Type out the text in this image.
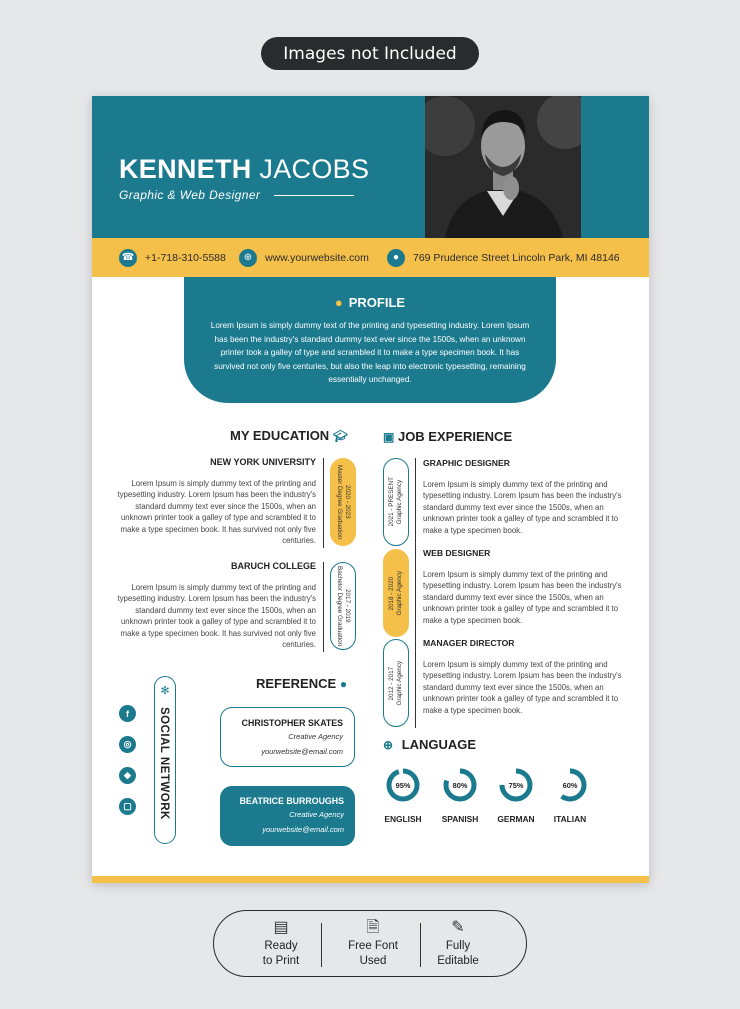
Images not Included
KENNETH JACOBS
Graphic & Web Designer
☎ +1-718-310-5588	⊕	www.yourwebsite.com	●	769 Prudence Street Lincoln Park, MI 48146
● PROFILE
Lorem Ipsum is simply dummy text of the printing and typesetting industry. Lorem Ipsum has been the industry's standard dummy text ever since the 1500s, when an unknown printer took a galley of type and scrambled it to make a type specimen book. It has survived not only five centuries, but also the leap into electronic typesetting, remaining essentially unchanged.
MY EDUCATION 🎓︎
NEW YORK UNIVERSITY

Lorem Ipsum is simply dummy text of the printing and typesetting industry. Lorem Ipsum has been the industry's standard dummy text ever since the 1500s, when an unknown printer took a galley of type and scrambled it to make a type specimen book. It has survived not only five centuries.

2020 - 2023
Master Degree Graduation
BARUCH COLLEGE

Lorem Ipsum is simply dummy text of the printing and typesetting industry. Lorem Ipsum has been the industry's standard dummy text ever since the 1500s, when an unknown printer took a galley of type and scrambled it to make a type specimen book. It has survived not only five centuries.

2017 - 2019
Bachelor Degree Graduation
▣ JOB EXPERIENCE
2021 - PRESENT
Graphic Agency
GRAPHIC DESIGNER

Lorem Ipsum is simply dummy text of the printing and typesetting industry. Lorem Ipsum has been the industry's standard dummy text ever since the 1500s, when an unknown printer took a galley of type and scrambled it to make a type specimen book.

2018 - 2020
Graphic Agency
WEB DESIGNER

Lorem Ipsum is simply dummy text of the printing and typesetting industry. Lorem Ipsum has been the industry's standard dummy text ever since the 1500s, when an unknown printer took a galley of type and scrambled it to make a type specimen book.

2012 - 2017
Graphic Agency
MANAGER DIRECTOR

Lorem Ipsum is simply dummy text of the printing and typesetting industry. Lorem Ipsum has been the industry's standard dummy text ever since the 1500s, when an unknown printer took a galley of type and scrambled it to make a type specimen book.

⊕ LANGUAGE
REFERENCE ●
CHRISTOPHER SKATES
Creative Agency
yourwebsite@email.com
BEATRICE BURROUGHS
Creative Agency
yourwebsite@email.com
✻
SOCIAL NETWORK
f
◎
◆
▢
95%
ENGLISH
80%
SPANISH
75%
GERMAN
60%
ITALIAN
▤
Ready
to Print
🗎︎
Free Font
Used
✎
Fully
Editable
